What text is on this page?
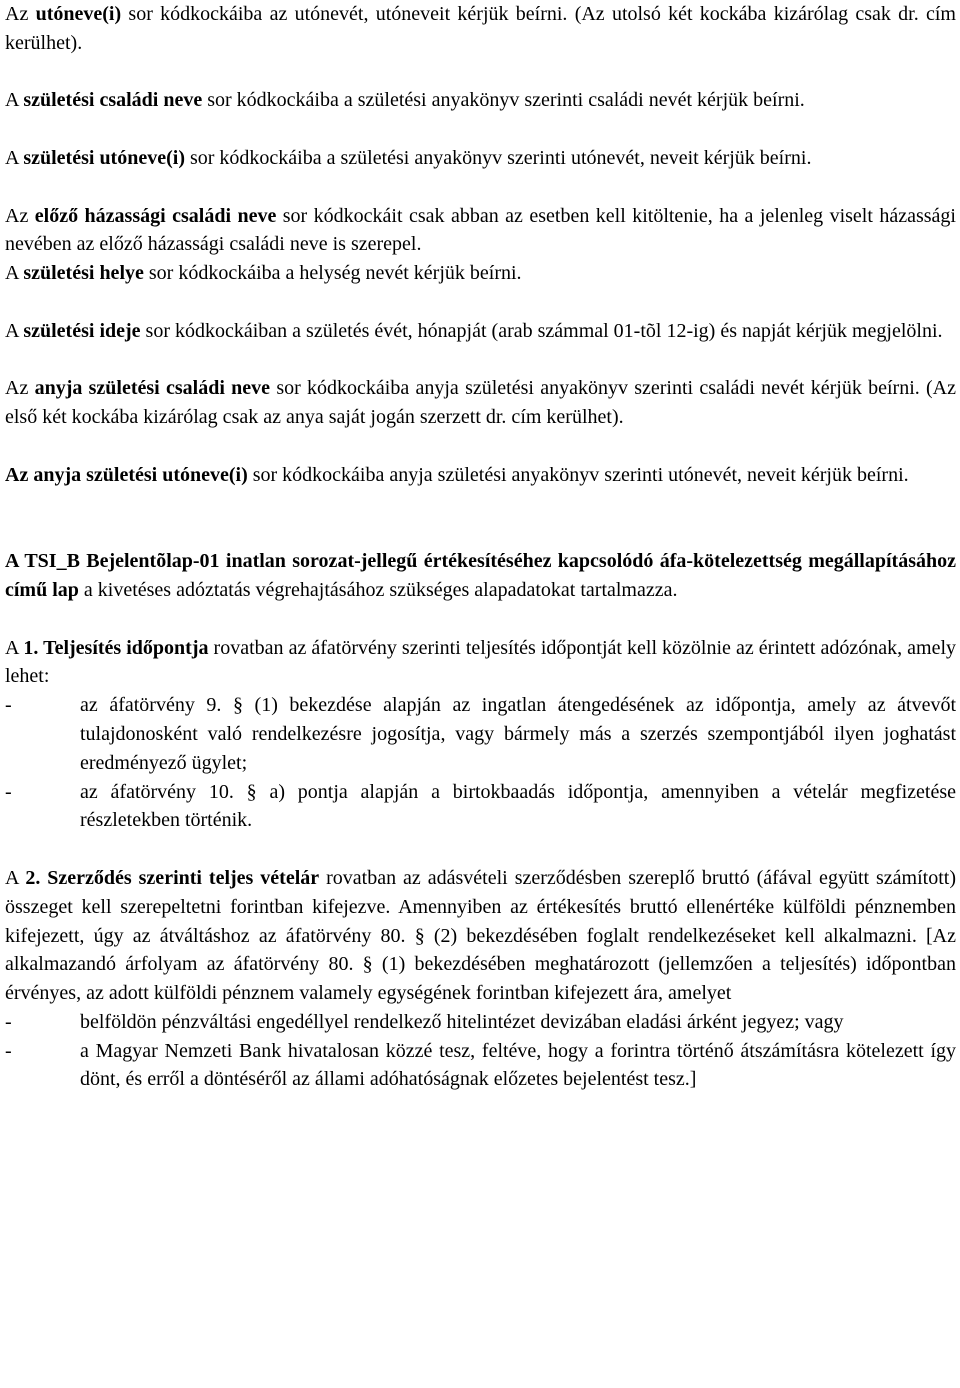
Az utóneve(i) sor kódkockáiba az utónevét, utóneveit kérjük beírni. (Az utolsó két kockába kizárólag csak dr. cím kerülhet).

A születési családi neve sor kódkockáiba a születési anyakönyv szerinti családi nevét kérjük beírni.

A születési utóneve(i) sor kódkockáiba a születési anyakönyv szerinti utónevét, neveit kérjük beírni.

Az előző házassági családi neve sor kódkockáit csak abban az esetben kell kitöltenie, ha a jelenleg viselt házassági nevében az előző házassági családi neve is szerepel.

A születési helye sor kódkockáiba a helység nevét kérjük beírni.

A születési ideje sor kódkockáiban a születés évét, hónapját (arab számmal 01-tõl 12-ig) és napját kérjük megjelölni.

Az anyja születési családi neve sor kódkockáiba anyja születési anyakönyv szerinti családi nevét kérjük beírni. (Az első két kockába kizárólag csak az anya saját jogán szerzett dr. cím kerülhet).

Az anyja születési utóneve(i) sor kódkockáiba anyja születési anyakönyv szerinti utónevét, neveit kérjük beírni.

A TSI_B Bejelentõlap-01 inatlan sorozat-jellegű értékesítéséhez kapcsolódó áfa-kötelezettség megállapításához című lap a kivetéses adóztatás végrehajtásához szükséges alapadatokat tartalmazza.

A 1. Teljesítés időpontja rovatban az áfatörvény szerinti teljesítés időpontját kell közölnie az érintett adózónak, amely lehet:

-	az áfatörvény 9. § (1) bekezdése alapján az ingatlan átengedésének az időpontja, amely az átvevőt tulajdonosként való rendelkezésre jogosítja, vagy bármely más a szerzés szempontjából ilyen joghatást eredményező ügylet;
-	az áfatörvény 10. § a) pontja alapján a birtokbaadás időpontja, amennyiben a vételár megfizetése részletekben történik.

A 2. Szerződés szerinti teljes vételár rovatban az adásvételi szerződésben szereplő bruttó (áfával együtt számított) összeget kell szerepeltetni forintban kifejezve. Amennyiben az értékesítés bruttó ellenértéke külföldi pénznemben kifejezett, úgy az átváltáshoz az áfatörvény 80. § (2) bekezdésében foglalt rendelkezéseket kell alkalmazni. [Az alkalmazandó árfolyam az áfatörvény 80. § (1) bekezdésében meghatározott (jellemzően a teljesítés) időpontban érvényes, az adott külföldi pénznem valamely egységének forintban kifejezett ára, amelyet

-	belföldön pénzváltási engedéllyel rendelkező hitelintézet devizában eladási árként jegyez; vagy
-	a Magyar Nemzeti Bank hivatalosan közzé tesz, feltéve, hogy a forintra történő átszámításra kötelezett így dönt, és erről a döntéséről az állami adóhatóságnak előzetes bejelentést tesz.]
